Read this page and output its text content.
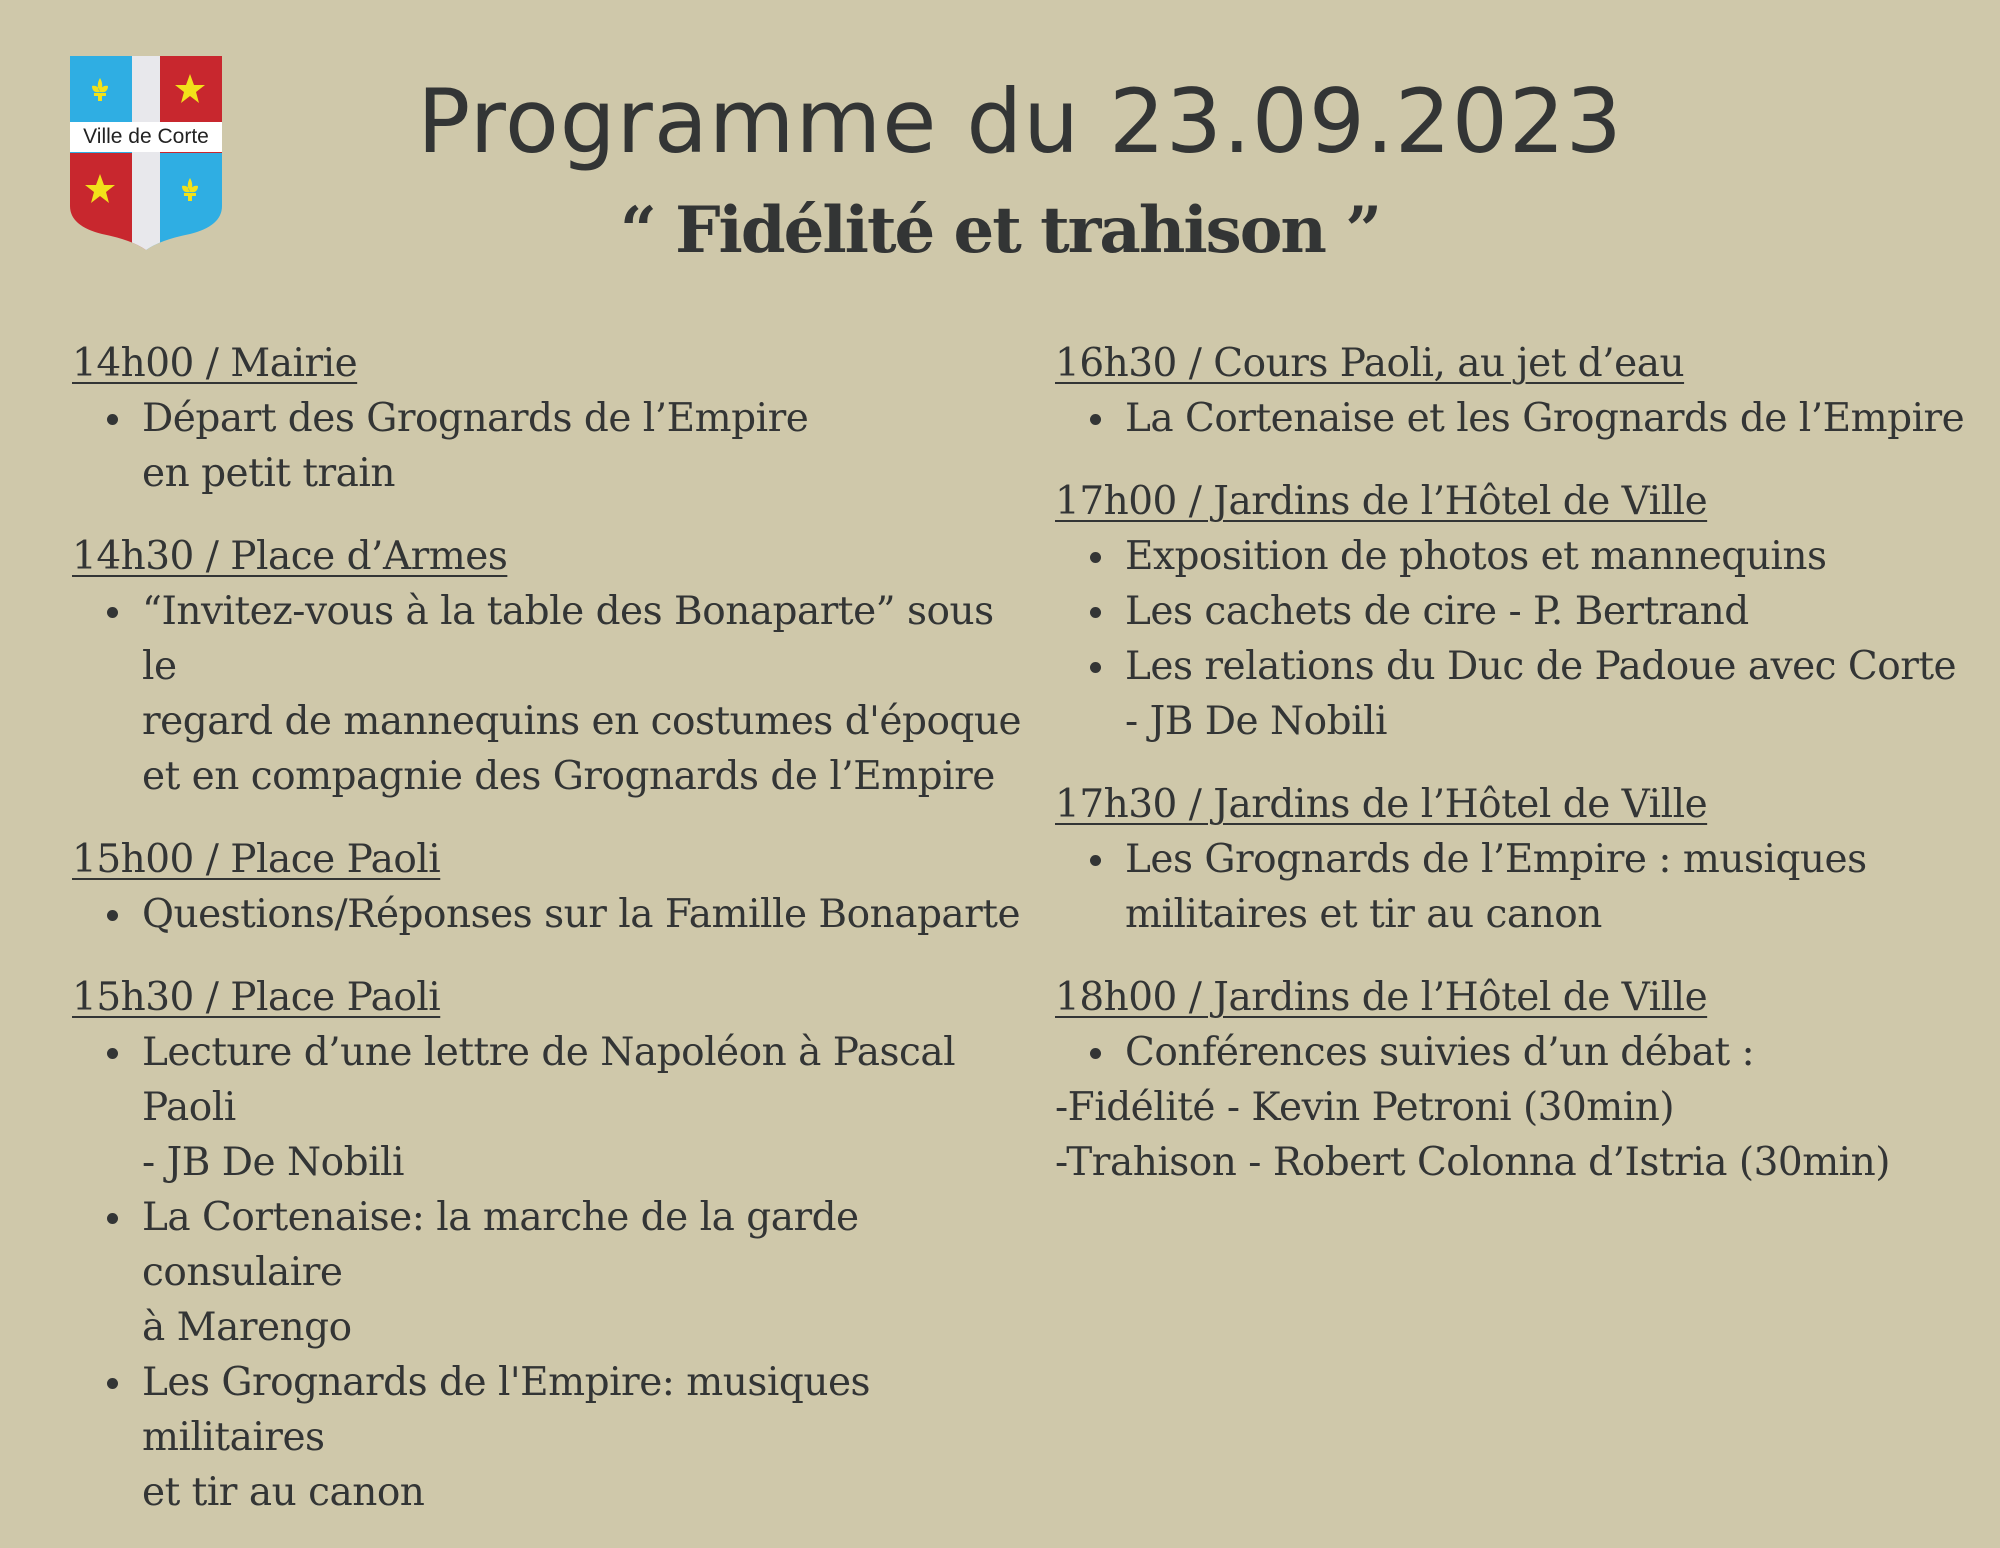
Ville de Corte	Programme du 23.09.2023
“ Fidélité et trahison ”

14h00 / Mairie

Départ des Grognards de l’Empire
en petit train

14h30 / Place d’Armes

“Invitez-vous à la table des Bonaparte” sous le
regard de mannequins en costumes d'époque
et en compagnie des Grognards de l’Empire

15h00 / Place Paoli

Questions/Réponses sur la Famille Bonaparte

15h30 / Place Paoli

Lecture d’une lettre de Napoléon à Pascal Paoli
- JB De Nobili
La Cortenaise: la marche de la garde consulaire
à Marengo
Les Grognards de l'Empire: musiques militaires
et tir au canon

16h30 / Cours Paoli, au jet d’eau

La Cortenaise et les Grognards de l’Empire

17h00 / Jardins de l’Hôtel de Ville

Exposition de photos et mannequins
Les cachets de cire - P. Bertrand
Les relations du Duc de Padoue avec Corte
- JB De Nobili

17h30 / Jardins de l’Hôtel de Ville

Les Grognards de l’Empire : musiques
militaires et tir au canon

18h00 / Jardins de l’Hôtel de Ville

Conférences suivies d’un débat :
-Fidélité - Kevin Petroni (30min)
-Trahison - Robert Colonna d’Istria (30min)
